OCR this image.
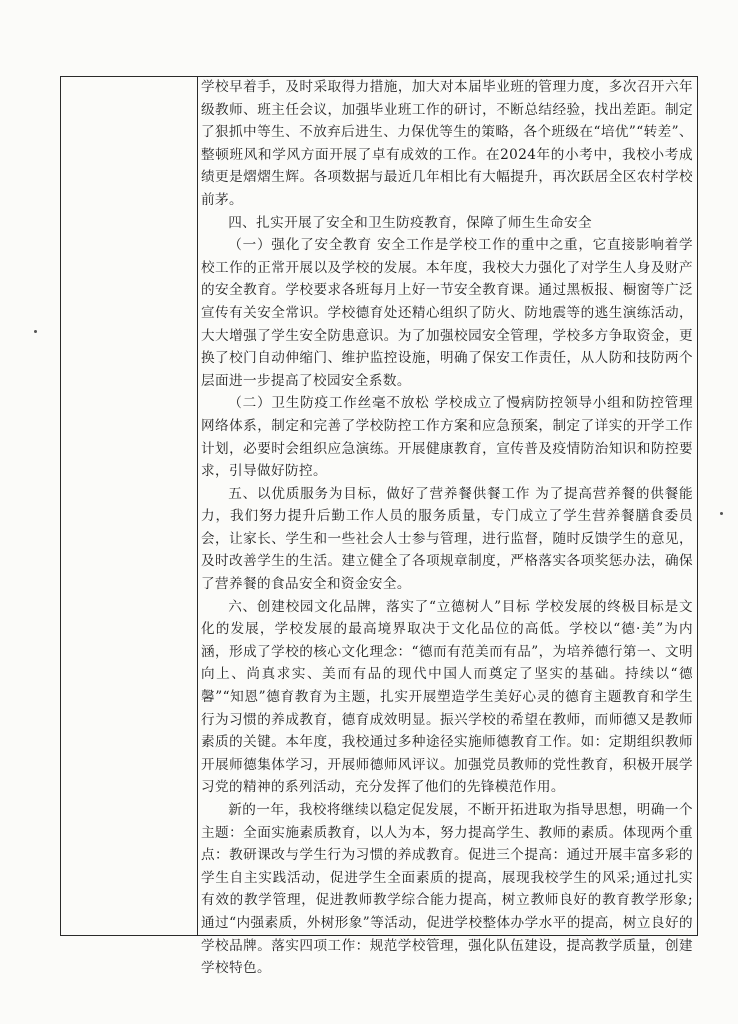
学校早着手，及时采取得力措施，加大对本届毕业班的管理力度，多次召开六年级教师、班主任会议，加强毕业班工作的研讨，不断总结经验，找出差距。制定了狠抓中等生、不放弃后进生、力保优等生的策略，各个班级在“培优”“转差”、整顿班风和学风方面开展了卓有成效的工作。在2024年的小考中，我校小考成绩更是熠熠生辉。各项数据与最近几年相比有大幅提升，再次跃居全区农村学校前茅。

四、扎实开展了安全和卫生防疫教育，保障了师生生命安全

（一）强化了安全教育 安全工作是学校工作的重中之重，它直接影响着学校工作的正常开展以及学校的发展。本年度，我校大力强化了对学生人身及财产的安全教育。学校要求各班每月上好一节安全教育课。通过黑板报、橱窗等广泛宣传有关安全常识。学校德育处还精心组织了防火、防地震等的逃生演练活动，大大增强了学生安全防患意识。为了加强校园安全管理，学校多方争取资金，更换了校门自动伸缩门、维护监控设施，明确了保安工作责任，从人防和技防两个层面进一步提高了校园安全系数。

（二）卫生防疫工作丝毫不放松 学校成立了慢病防控领导小组和防控管理网络体系，制定和完善了学校防控工作方案和应急预案，制定了详实的开学工作计划，必要时会组织应急演练。开展健康教育，宣传普及疫情防治知识和防控要求，引导做好防控。

五、以优质服务为目标，做好了营养餐供餐工作 为了提高营养餐的供餐能力，我们努力提升后勤工作人员的服务质量，专门成立了学生营养餐膳食委员会，让家长、学生和一些社会人士参与管理，进行监督，随时反馈学生的意见，及时改善学生的生活。建立健全了各项规章制度，严格落实各项奖惩办法，确保了营养餐的食品安全和资金安全。

六、创建校园文化品牌，落实了“立德树人”目标 学校发展的终极目标是文化的发展，学校发展的最高境界取决于文化品位的高低。学校以“德·美”为内涵，形成了学校的核心文化理念：“德而有范美而有品”，为培养德行第一、文明向上、尚真求实、美而有品的现代中国人而奠定了坚实的基础。持续以“德馨”“知恩”德育教育为主题，扎实开展塑造学生美好心灵的德育主题教育和学生行为习惯的养成教育，德育成效明显。振兴学校的希望在教师，而师德又是教师素质的关键。本年度，我校通过多种途径实施师德教育工作。如：定期组织教师开展师德集体学习，开展师德师风评议。加强党员教师的党性教育，积极开展学习党的精神的系列活动，充分发挥了他们的先锋模范作用。

新的一年，我校将继续以稳定促发展，不断开拓进取为指导思想，明确一个主题：全面实施素质教育，以人为本，努力提高学生、教师的素质。体现两个重点：教研课改与学生行为习惯的养成教育。促进三个提高：通过开展丰富多彩的学生自主实践活动，促进学生全面素质的提高，展现我校学生的风采;通过扎实有效的教学管理，促进教师教学综合能力提高，树立教师良好的教育教学形象;通过“内强素质，外树形象”等活动，促进学校整体办学水平的提高，树立良好的学校品牌。落实四项工作：规范学校管理，强化队伍建设，提高教学质量，创建学校特色。
